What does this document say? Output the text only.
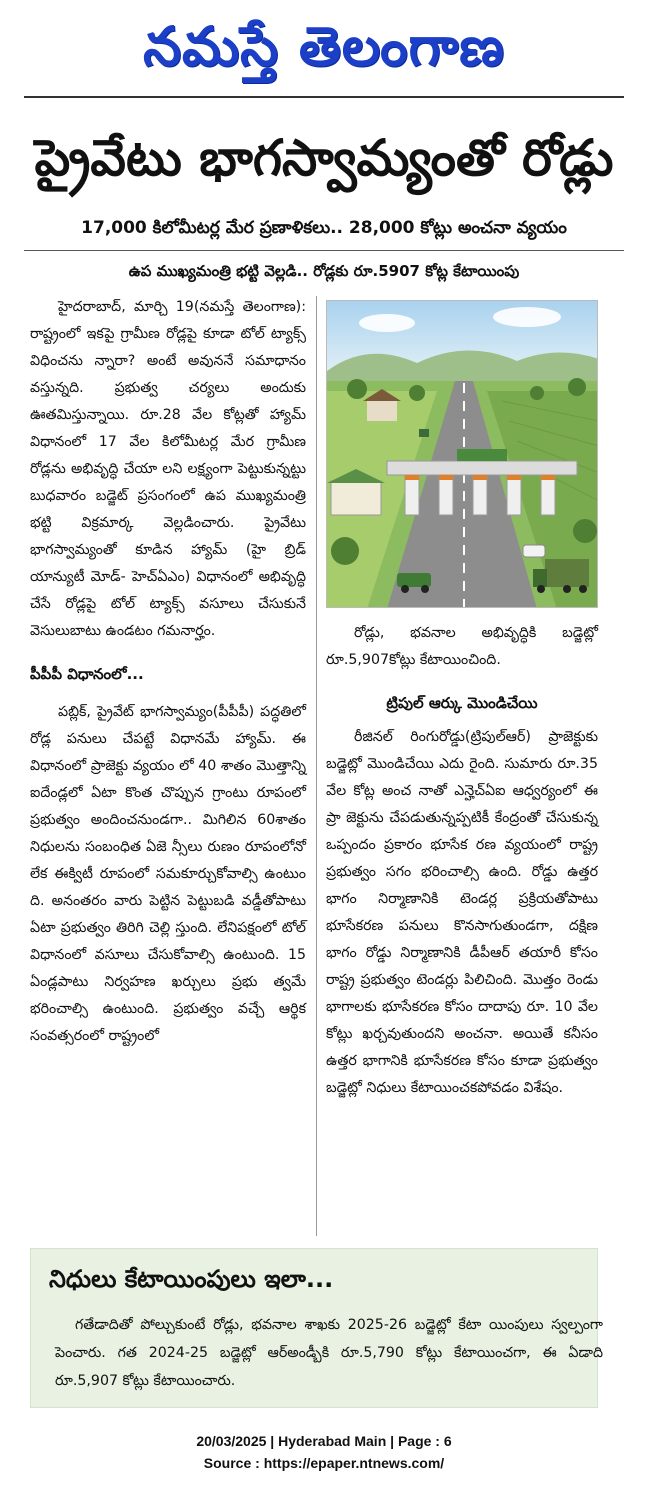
నమస్తే తెలంగాణ
ప్రైవేటు భాగస్వామ్యంతో రోడ్లు
17,000 కిలోమీటర్ల మేర ప్రణాళికలు.. 28,000 కోట్లు అంచనా వ్యయం
ఉప ముఖ్యమంత్రి భట్టి వెల్లడి.. రోడ్లకు రూ.5907 కోట్ల కేటాయింపు

హైదరాబాద్, మార్చి 19(నమస్తే తెలంగాణ): రాష్ట్రంలో ఇకపై గ్రామీణ రోడ్లపై కూడా టోల్ ట్యాక్స్ విధించను న్నారా? అంటే అవుననే సమాధానం వస్తున్నది. ప్రభుత్వ చర్యలు అందుకు ఊతమిస్తున్నాయి. రూ.28 వేల కోట్లతో హ్యామ్ విధానంలో 17 వేల కిలోమీటర్ల మేర గ్రామీణ రోడ్లను అభివృద్ధి చేయా లని లక్ష్యంగా పెట్టుకున్నట్టు బుధవారం బడ్జెట్ ప్రసంగంలో ఉప ముఖ్యమంత్రి భట్టి విక్రమార్క వెల్లడించారు. ప్రైవేటు భాగస్వామ్యంతో కూడిన హ్యామ్ (హై బ్రిడ్ యాన్యుటీ మోడ్- హెచ్ఏఎం) విధానంలో అభివృద్ధి చేసే రోడ్లపై టోల్ ట్యాక్స్ వసూలు చేసుకునే వెసులుబాటు ఉండటం గమనార్హం.

పీపీపీ విధానంలో...

పబ్లిక్, ప్రైవేట్ భాగస్వామ్యం(పీపీపీ) పద్ధతిలో రోడ్ల పనులు చేపట్టే విధానమే హ్యామ్. ఈ విధానంలో ప్రాజెక్టు వ్యయం లో 40 శాతం మొత్తాన్ని ఐదేండ్లలో ఏటా కొంత చొప్పున గ్రాంటు రూపంలో ప్రభుత్వం అందించనుండగా.. మిగిలిన 60శాతం నిధులను సంబంధిత ఏజె న్సీలు రుణం రూపంలోనో లేక ఈక్విటీ రూపంలో సమకూర్చుకోవాల్సి ఉంటుం ది. అనంతరం వారు పెట్టిన పెట్టుబడి వడ్డీతోపాటు ఏటా ప్రభుత్వం తిరిగి చెల్లి స్తుంది. లేనిపక్షంలో టోల్ విధానంలో వసూలు చేసుకోవాల్సి ఉంటుంది. 15 ఏండ్లపాటు నిర్వహణ ఖర్చులు ప్రభు త్వమే భరించాల్సి ఉంటుంది. ప్రభుత్వం వచ్చే ఆర్థిక సంవత్సరంలో రాష్ట్రంలో

రోడ్లు, భవనాల అభివృద్ధికి బడ్జెట్లో రూ.5,907కోట్లు కేటాయించింది.

ట్రిపుల్ ఆర్కు మొండిచేయి

రీజినల్ రింగురోడ్డు(ట్రిపుల్ఆర్) ప్రాజెక్టుకు బడ్జెట్లో మొండిచేయి ఎదు రైంది. సుమారు రూ.35 వేల కోట్ల అంచ నాతో ఎన్హెచ్ఏఐ ఆధ్వర్యంలో ఈ ప్రా జెక్టును చేపడుతున్నప్పటికీ కేంద్రంతో చేసుకున్న ఒప్పందం ప్రకారం భూసేక రణ వ్యయంలో రాష్ట్ర ప్రభుత్వం సగం భరించాల్సి ఉంది. రోడ్డు ఉత్తర భాగం నిర్మాణానికి టెండర్ల ప్రక్రియతోపాటు భూసేకరణ పనులు కొనసాగుతుండగా, దక్షిణ భాగం రోడ్డు నిర్మాణానికి డీపీఆర్ తయారీ కోసం రాష్ట్ర ప్రభుత్వం టెండర్లు పిలిచింది. మొత్తం రెండు భాగాలకు భూసేకరణ కోసం దాదాపు రూ. 10 వేల కోట్లు ఖర్చవుతుందని అంచనా. అయితే కనీసం ఉత్తర భాగానికి భూసేకరణ కోసం కూడా ప్రభుత్వం బడ్జెట్లో నిధులు కేటాయించకపోవడం విశేషం.

నిధులు కేటాయింపులు ఇలా...
గతేడాదితో పోల్చుకుంటే రోడ్లు, భవనాల శాఖకు 2025-26 బడ్జెట్లో కేటా యింపులు స్వల్పంగా పెంచారు. గత 2024-25 బడ్జెట్లో ఆర్అండ్బీకి రూ.5,790 కోట్లు కేటాయించగా, ఈ ఏడాది రూ.5,907 కోట్లు కేటాయించారు.
20/03/2025 | Hyderabad Main | Page : 6
Source : https://epaper.ntnews.com/
